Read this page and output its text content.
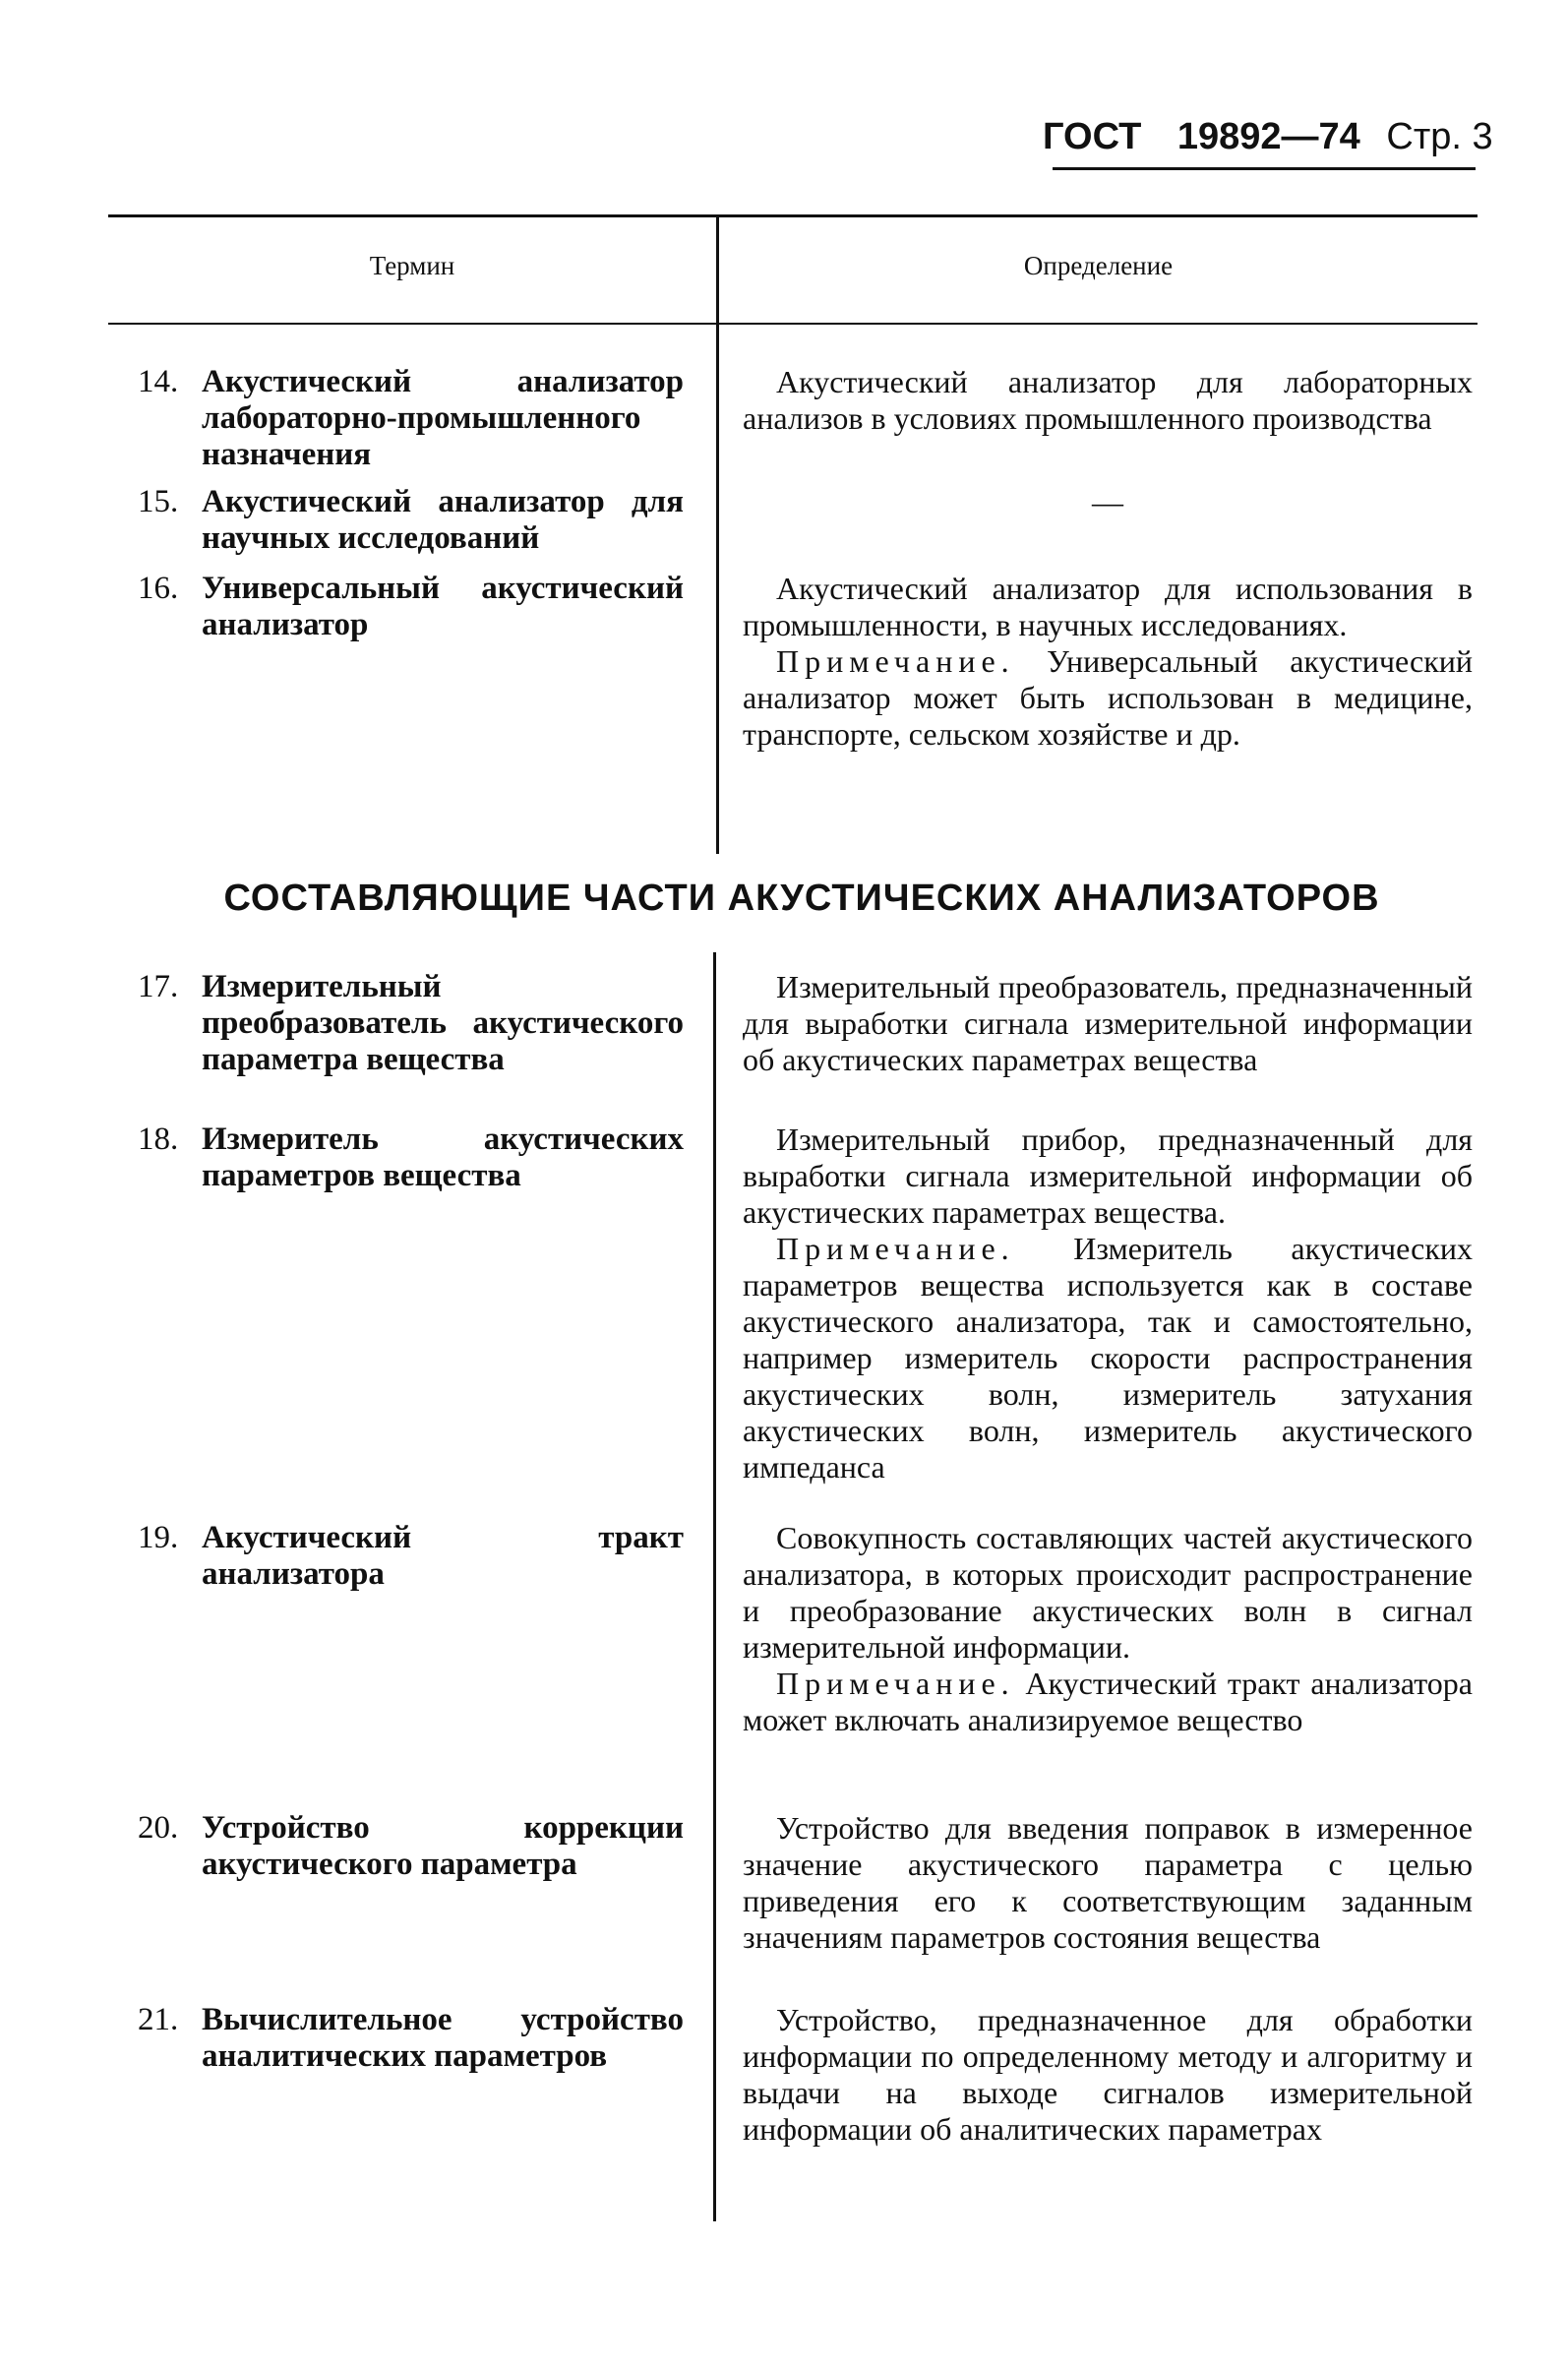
ГОСТ 19892—74 Стр. 3
Термин	Определение
14. Акустический анализатор лабораторно-промышленного назначения

Акустический анализатор для лабораторных анализов в условиях промышленного производства

15. Акустический анализатор для научных исследований

—

16. Универсальный акустический анализатор

Акустический анализатор для использования в промышленности, в научных исследованиях.

Примечание. Универсальный акустический анализатор может быть использован в медицине, транспорте, сельском хозяйстве и др.

СОСТАВЛЯЮЩИЕ ЧАСТИ АКУСТИЧЕСКИХ АНАЛИЗАТОРОВ
17. Измерительный преобразователь акустического параметра вещества

Измерительный преобразователь, предназначенный для выработки сигнала измерительной информации об акустических параметрах вещества

18. Измеритель акустических параметров вещества

Измерительный прибор, предназначенный для выработки сигнала измерительной информации об акустических параметрах вещества.

Примечание. Измеритель акустических параметров вещества используется как в составе акустического анализатора, так и самостоятельно, например измеритель скорости распространения акустических волн, измеритель затухания акустических волн, измеритель акустического импеданса

19. Акустический тракт анализатора

Совокупность составляющих частей акустического анализатора, в которых происходит распространение и преобразование акустических волн в сигнал измерительной информации.

Примечание. Акустический тракт анализатора может включать анализируемое вещество

20. Устройство коррекции акустического параметра

Устройство для введения поправок в измеренное значение акустического параметра с целью приведения его к соответствующим заданным значениям параметров состояния вещества

21. Вычислительное устройство аналитических параметров

Устройство, предназначенное для обработки информации по определенному методу и алгоритму и выдачи на выходе сигналов измерительной информации об аналитических параметрах
